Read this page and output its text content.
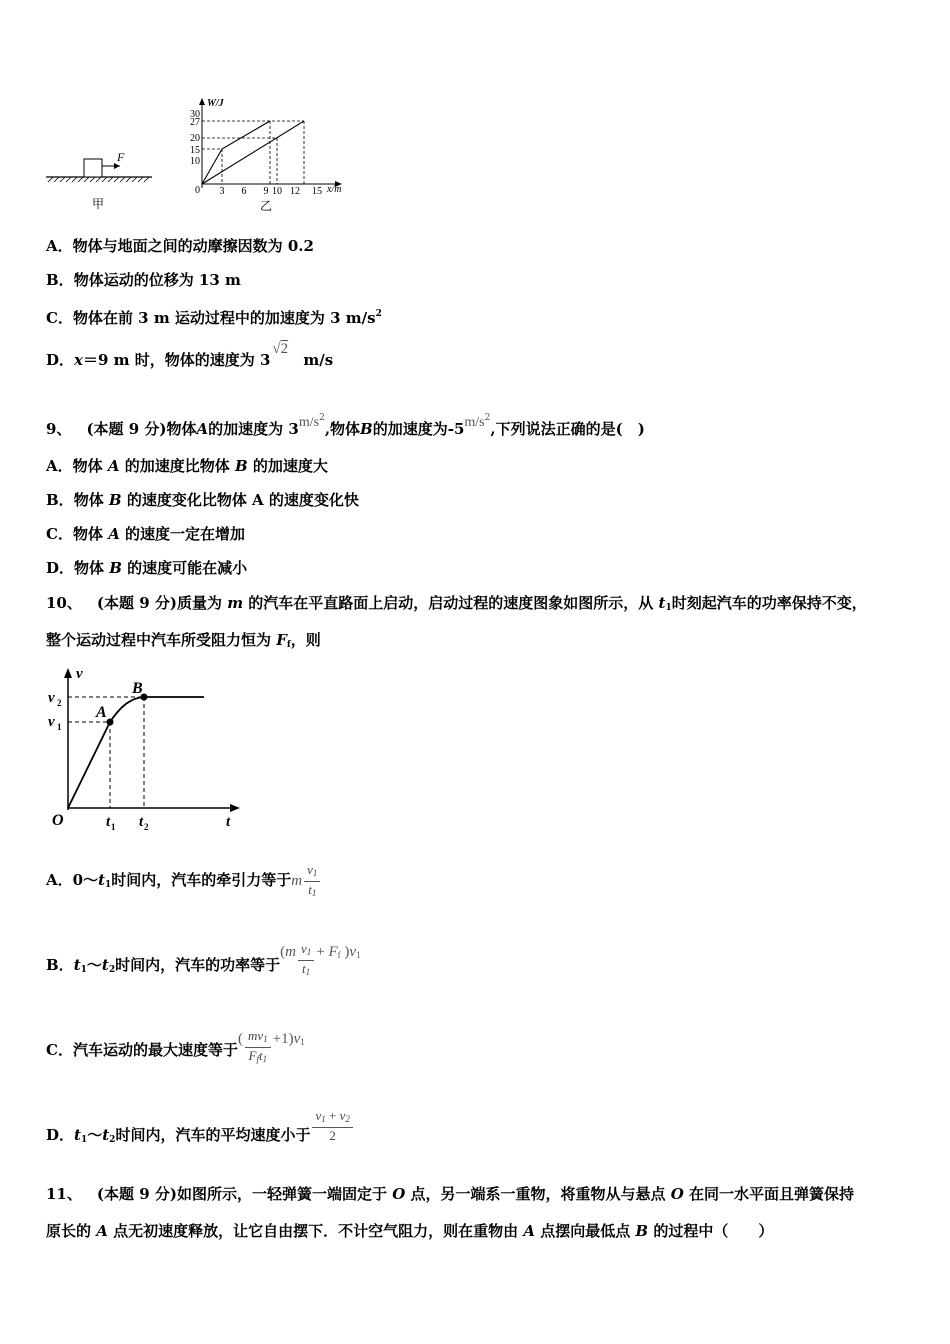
F
甲
W/J
x/m
0
30
27
20
15
10
3 6 9 10 12 15
乙
A．物体与地面之间的动摩擦因数为 0.2
B．物体运动的位移为 13 m
C．物体在前 3 m 运动过程中的加速度为 3 $m/s^2$
D．x＝9 m 时，物体的速度为 3√2 m/s
9、  (本题 9 分)物体A的加速度为 $3m/s^2$,物体B的加速度为$-5m/s^2$,下列说法正确的是(　)
A．物体 A 的加速度比物体 B 的加速度大
B．物体 B 的速度变化比物体 A 的速度变化快
C．物体 A 的速度一定在增加
D．物体 B 的速度可能在减小
10、  (本题 9 分)质量为 m 的汽车在平直路面上启动，启动过程的速度图象如图所示，从 $t_1$时刻起汽车的功率保持不变，
整个运动过程中汽车所受阻力恒为 $F_f$，则
v
v 2
v 1
A
B
O	t 1 t 2	t
A．$0\sim t_1$时间内，汽车的牵引力等于m $\frac{v_1}{t_1}$
B．$t_1\sim t_2$时间内，汽车的功率等于($m \frac{v_1}{t_1} + F_f$ )$v_1$
C．汽车运动的最大速度等于( $\frac{mv_1}{F_ft_1} +1)v_1$
D．$t_1\sim t_2$时间内，汽车的平均速度小于 $\frac{v_1 + v_2}{2}$
11、  (本题 9 分)如图所示，一轻弹簧一端固定于 O 点，另一端系一重物，将重物从与悬点 O 在同一水平面且弹簧保持
原长的 A 点无初速度释放，让它自由摆下．不计空气阻力，则在重物由 A 点摆向最低点 B 的过程中（　　）
